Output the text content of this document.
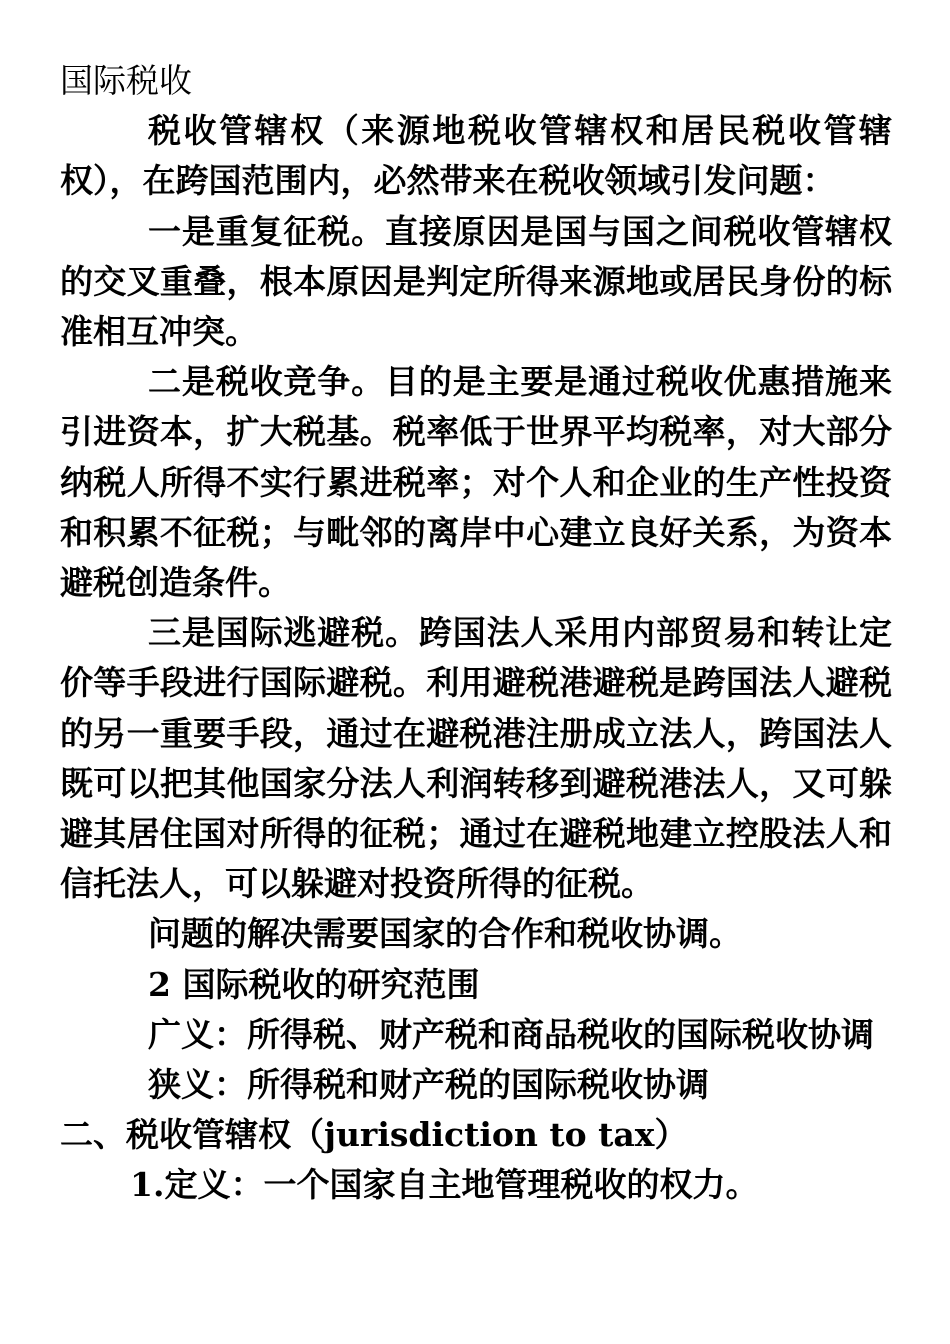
国际税收

税收管辖权（来源地税收管辖权和居民税收管辖权），在跨国范围内，必然带来在税收领域引发问题：

一是重复征税。直接原因是国与国之间税收管辖权的交叉重叠，根本原因是判定所得来源地或居民身份的标准相互冲突。

二是税收竞争。目的是主要是通过税收优惠措施来引进资本，扩大税基。税率低于世界平均税率，对大部分纳税人所得不实行累进税率；对个人和企业的生产性投资和积累不征税；与毗邻的离岸中心建立良好关系，为资本避税创造条件。

三是国际逃避税。跨国法人采用内部贸易和转让定价等手段进行国际避税。利用避税港避税是跨国法人避税的另一重要手段，通过在避税港注册成立法人，跨国法人既可以把其他国家分法人利润转移到避税港法人，又可躲避其居住国对所得的征税；通过在避税地建立控股法人和信托法人，可以躲避对投资所得的征税。

问题的解决需要国家的合作和税收协调。

2 国际税收的研究范围

广义：所得税、财产税和商品税收的国际税收协调

狭义：所得税和财产税的国际税收协调

二、税收管辖权（jurisdiction to tax）

1.定义：一个国家自主地管理税收的权力。
